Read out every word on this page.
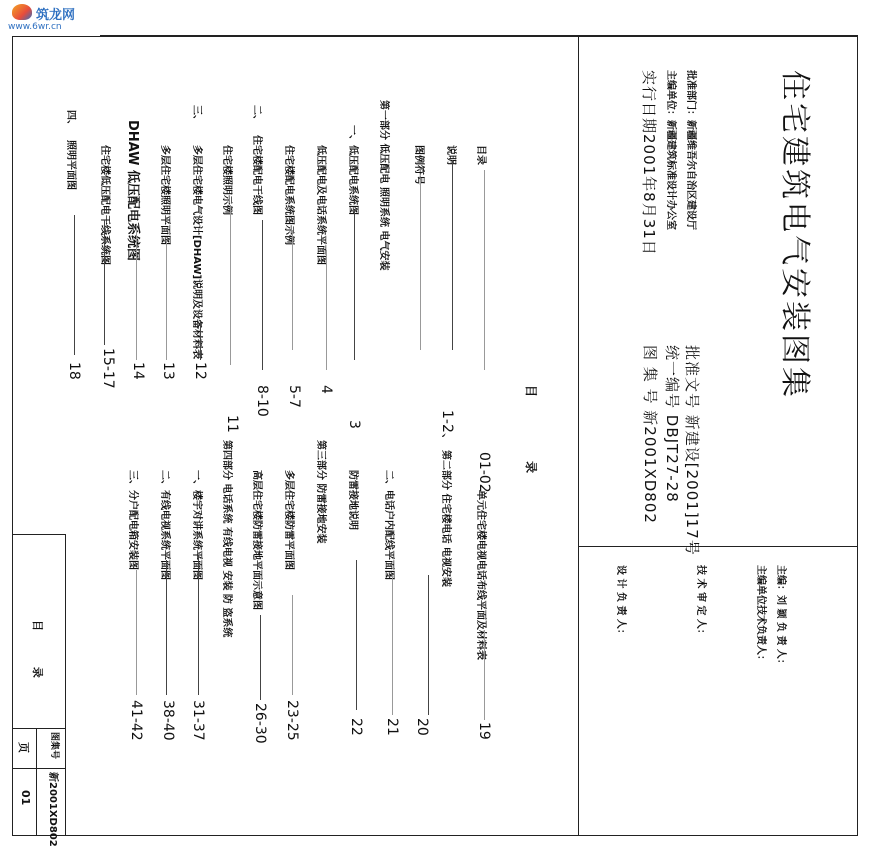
筑龙网
www.6wr.cn
住宅建筑电气安装图集
批准部门：新疆维吾尔自治区建设厅
主编单位：新疆建筑标准设计办公室
实行日期2001年8月31日
批准文号 新建设[2001]17号
统一编号 DBJT27-28
图 集 号 新2001XD802
主编：刘 颖 负 责 人：
主编单位技术负责人：
技 术 审 定 人：
设 计 负 责 人：
目 录
目录
01-02
说明
1-2、
图例符号
3
第一部分 低压配电 照明系统 电气安装
一、
低压配电系统图
4
低压配电及电话系统平面图
5-7
住宅楼配电系统图示例
8-10
二、
住宅楼配电干线图
11
住宅楼照明示例
三、
多层住宅楼电气设计[DHAW]说明及设备材料表
12
多层住宅楼照明平面图
13
DHAW 低压配电系统图
14
住宅楼低压配电干线系统图
15-17
四、
照明平面图
18
单元住宅楼电视电话布线平面及材料表
19
第二部分 住宅楼电话 电视安装
20
二、电话户内配线平面图
21
第三部分 防雷接地安装	防雷接地说明
22
多层住宅楼防雷平面图
23-25
高层住宅楼防雷接地平面示意图
26-30
第四部分 电话系统 有线电视 安装 防 盗系统
一、楼宇对讲系统平面图
31-37
二、有线电视系统平面图
38-40
三、分户配电箱安装图
41-42
目 录
图集号
新2001XD802
页
01
